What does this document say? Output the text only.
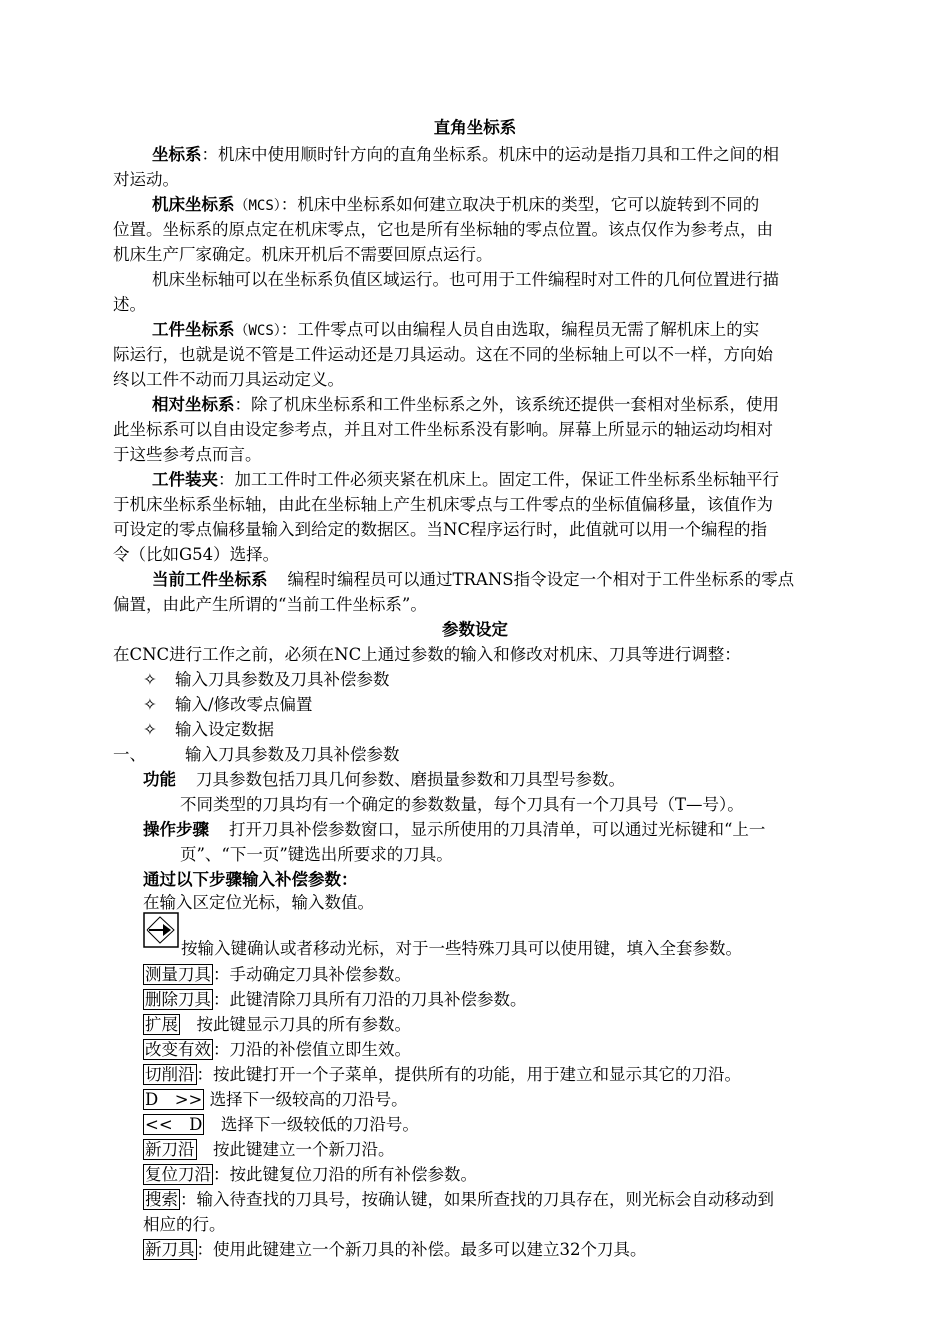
直角坐标系
坐标系：机床中使用顺时针方向的直角坐标系。机床中的运动是指刀具和工件之间的相
对运动。
机床坐标系（MCS）：机床中坐标系如何建立取决于机床的类型，它可以旋转到不同的
位置。坐标系的原点定在机床零点，它也是所有坐标轴的零点位置。该点仅作为参考点，由
机床生产厂家确定。机床开机后不需要回原点运行。
机床坐标轴可以在坐标系负值区域运行。也可用于工件编程时对工件的几何位置进行描
述。
工件坐标系（WCS）：工件零点可以由编程人员自由选取，编程员无需了解机床上的实
际运行，也就是说不管是工件运动还是刀具运动。这在不同的坐标轴上可以不一样，方向始
终以工件不动而刀具运动定义。
相对坐标系：除了机床坐标系和工件坐标系之外，该系统还提供一套相对坐标系，使用
此坐标系可以自由设定参考点，并且对工件坐标系没有影响。屏幕上所显示的轴运动均相对
于这些参考点而言。
工件装夹：加工工件时工件必须夹紧在机床上。固定工件，保证工件坐标系坐标轴平行
于机床坐标系坐标轴，由此在坐标轴上产生机床零点与工件零点的坐标值偏移量，该值作为
可设定的零点偏移量输入到给定的数据区。当NC程序运行时，此值就可以用一个编程的指
令（比如G54）选择。
当前工件坐标系 编程时编程员可以通过TRANS指令设定一个相对于工件坐标系的零点
偏置，由此产生所谓的“当前工件坐标系”。
参数设定
在CNC进行工作之前，必须在NC上通过参数的输入和修改对机床、刀具等进行调整：
✧ 输入刀具参数及刀具补偿参数
✧ 输入/修改零点偏置
✧ 输入设定数据
一、 输入刀具参数及刀具补偿参数
功能 刀具参数包括刀具几何参数、磨损量参数和刀具型号参数。
不同类型的刀具均有一个确定的参数数量，每个刀具有一个刀具号（T—号）。
操作步骤 打开刀具补偿参数窗口，显示所使用的刀具清单，可以通过光标键和“上一
页”、“下一页”键选出所要求的刀具。
通过以下步骤输入补偿参数：
在输入区定位光标，输入数值。
按输入键确认或者移动光标，对于一些特殊刀具可以使用键，填入全套参数。
测量刀具 ：手动确定刀具补偿参数。
删除刀具 ：此键清除刀具所有刀沿的刀具补偿参数。
扩展　按此键显示刀具的所有参数。
改变有效 ：刀沿的补偿值立即生效。
切削沿 ：按此键打开一个子菜单，提供所有的功能，用于建立和显示其它的刀沿。
D　>> 选择下一级较高的刀沿号。
<<　D　选择下一级较低的刀沿号。
新刀沿　按此键建立一个新刀沿。
复位刀沿 ：按此键复位刀沿的所有补偿参数。
搜索 ：输入待查找的刀具号，按确认键，如果所查找的刀具存在，则光标会自动移动到
相应的行。
新刀具 ：使用此键建立一个新刀具的补偿。最多可以建立32个刀具。
